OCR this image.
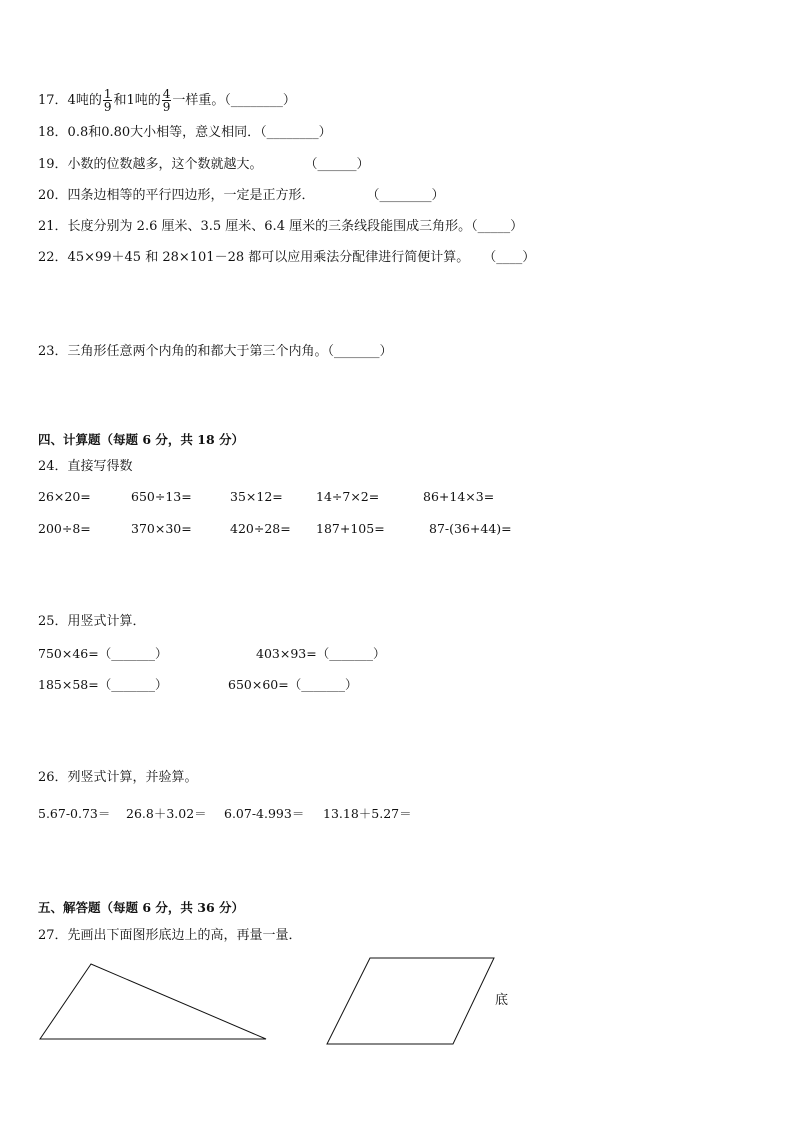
17．4吨的 $\frac{1}{9}$ 和1吨的 $\frac{4}{9}$ 一样重。（________）
18．0.8和0.80大小相等，意义相同．（________）
19．小数的位数越多，这个数就越大。	（______）
20．四条边相等的平行四边形，一定是正方形．	（________）
21．长度分别为 2.6 厘米、3.5 厘米、6.4 厘米的三条线段能围成三角形。（_____）
22．45×99＋45 和 28×101－28 都可以应用乘法分配律进行简便计算。 （____）
23．三角形任意两个内角的和都大于第三个内角。（_______）
四、计算题（每题 6 分，共 18 分）
24．直接写得数
26×20=	650÷13=	35×12=	14÷7×2=	86+14×3=
200÷8=	370×30=	420÷28= 187+105=	87-(36+44)=
25．用竖式计算．
750×46=（_______）	403×93=（_______）
185×58=（_______）	650×60=（_______）
26．列竖式计算，并验算。
5.67-0.73＝ 26.8＋3.02＝ 6.07-4.993＝ 13.18＋5.27＝
五、解答题（每题 6 分，共 36 分）
27．先画出下面图形底边上的高，再量一量．
底
